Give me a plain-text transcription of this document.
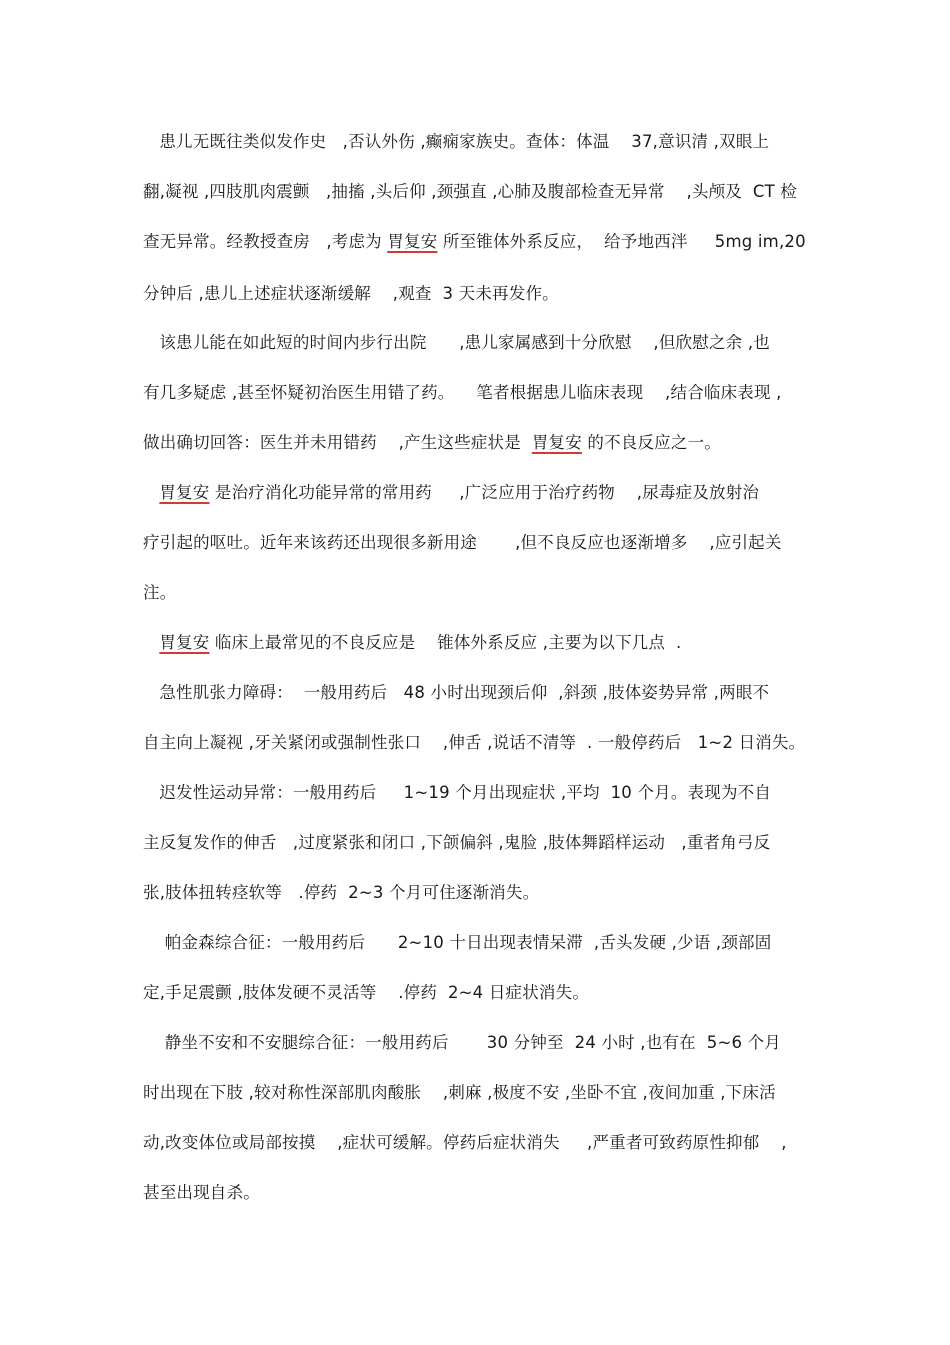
患儿无既往类似发作史   ,否认外伤 ,癫痫家族史。查体：体温    37,意识清 ,双眼上
翻,凝视 ,四肢肌肉震颤   ,抽搐 ,头后仰 ,颈强直 ,心肺及腹部检查无异常    ,头颅及  CT 检
查无异常。经教授查房   ,考虑为 胃复安 所至锥体外系反应，  给予地西泮     5mg im,20
分钟后 ,患儿上述症状逐渐缓解    ,观查  3 天未再发作。
该患儿能在如此短的时间内步行出院      ,患儿家属感到十分欣慰    ,但欣慰之余 ,也
有几多疑虑 ,甚至怀疑初治医生用错了药。    笔者根据患儿临床表现    ,结合临床表现 ,
做出确切回答：医生并未用错药    ,产生这些症状是  胃复安 的不良反应之一。
胃复安 是治疗消化功能异常的常用药     ,广泛应用于治疗药物    ,尿毒症及放射治
疗引起的呕吐。近年来该药还出现很多新用途       ,但不良反应也逐渐增多    ,应引起关
注。
胃复安 临床上最常见的不良反应是    锥体外系反应 ,主要为以下几点  .
急性肌张力障碍：  一般用药后   48 小时出现颈后仰  ,斜颈 ,肢体姿势异常 ,两眼不
自主向上凝视 ,牙关紧闭或强制性张口    ,伸舌 ,说话不清等  . 一般停药后   1~2 日消失。
迟发性运动异常：一般用药后     1~19 个月出现症状 ,平均  10 个月。表现为不自
主反复发作的伸舌   ,过度紧张和闭口 ,下颌偏斜 ,鬼脸 ,肢体舞蹈样运动   ,重者角弓反
张,肢体扭转痉软等   .停药  2~3 个月可住逐渐消失。
帕金森综合征：一般用药后      2~10 十日出现表情呆滞  ,舌头发硬 ,少语 ,颈部固
定,手足震颤 ,肢体发硬不灵活等    .停药  2~4 日症状消失。
静坐不安和不安腿综合征：一般用药后       30 分钟至  24 小时 ,也有在  5~6 个月
时出现在下肢 ,较对称性深部肌肉酸胀    ,刺麻 ,极度不安 ,坐卧不宜 ,夜间加重 ,下床活
动,改变体位或局部按摸    ,症状可缓解。停药后症状消失     ,严重者可致药原性抑郁    ,
甚至出现自杀。
